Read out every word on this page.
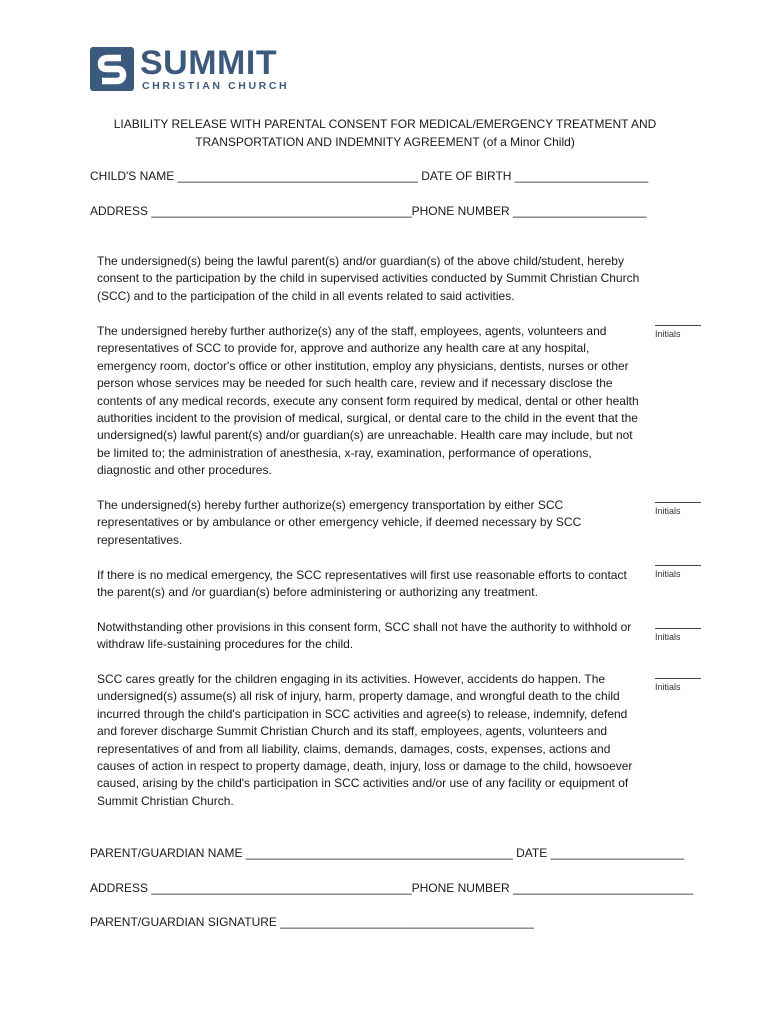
SUMMIT
CHRISTIAN CHURCH
LIABILITY RELEASE WITH PARENTAL CONSENT FOR MEDICAL/EMERGENCY TREATMENT AND TRANSPORTATION AND INDEMNITY AGREEMENT (of a Minor Child)
CHILD'S NAME ____________________________________ DATE OF BIRTH ____________________
ADDRESS _______________________________________PHONE NUMBER ____________________
The undersigned(s) being the lawful parent(s) and/or guardian(s) of the above child/student, hereby consent to the participation by the child in supervised activities conducted by Summit Christian Church (SCC) and to the participation of the child in all events related to said activities.
The undersigned hereby further authorize(s) any of the staff, employees, agents, volunteers and representatives of SCC to provide for, approve and authorize any health care at any hospital, emergency room, doctor's office or other institution, employ any physicians, dentists, nurses or other person whose services may be needed for such health care, review and if necessary disclose the contents of any medical records, execute any consent form required by medical, dental or other health authorities incident to the provision of medical, surgical, or dental care to the child in the event that the undersigned(s) lawful parent(s) and/or guardian(s) are unreachable. Health care may include, but not be limited to; the administration of anesthesia, x-ray, examination, performance of operations, diagnostic and other procedures.
Initials
The undersigned(s) hereby further authorize(s) emergency transportation by either SCC representatives or by ambulance or other emergency vehicle, if deemed necessary by SCC representatives.
Initials
If there is no medical emergency, the SCC representatives will first use reasonable efforts to contact the parent(s) and /or guardian(s) before administering or authorizing any treatment.
Initials
Notwithstanding other provisions in this consent form, SCC shall not have the authority to withhold or withdraw life-sustaining procedures for the child.
Initials
SCC cares greatly for the children engaging in its activities. However, accidents do happen. The undersigned(s) assume(s) all risk of injury, harm, property damage, and wrongful death to the child incurred through the child's participation in SCC activities and agree(s) to release, indemnify, defend and forever discharge Summit Christian Church and its staff, employees, agents, volunteers and representatives of and from all liability, claims, demands, damages, costs, expenses, actions and causes of action in respect to property damage, death, injury, loss or damage to the child, howsoever caused, arising by the child's participation in SCC activities and/or use of any facility or equipment of Summit Christian Church.
Initials
PARENT/GUARDIAN NAME ________________________________________ DATE ____________________
ADDRESS _______________________________________PHONE NUMBER ___________________________
PARENT/GUARDIAN SIGNATURE ______________________________________
